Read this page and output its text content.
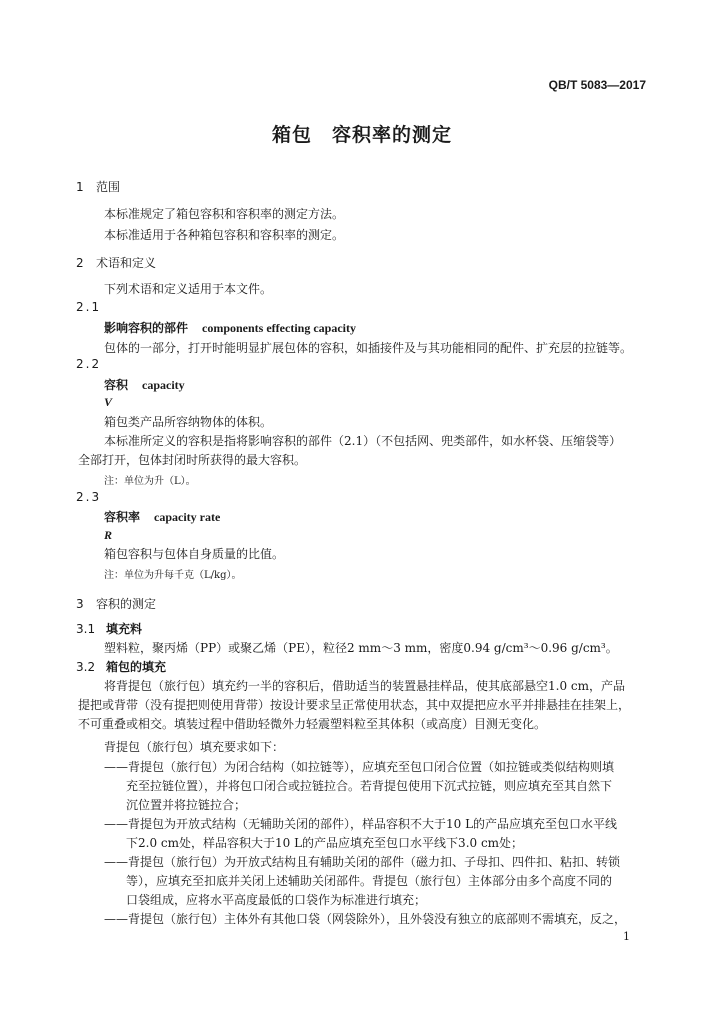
QB/T 5083—2017
箱包　容积率的测定
1 范围
本标准规定了箱包容积和容积率的测定方法。
本标准适用于各种箱包容积和容积率的测定。
2 术语和定义
下列术语和定义适用于本文件。
2.1
影响容积的部件 components effecting capacity
包体的一部分，打开时能明显扩展包体的容积，如插接件及与其功能相同的配件、扩充层的拉链等。
2.2
容积 capacity
V
箱包类产品所容纳物体的体积。
本标准所定义的容积是指将影响容积的部件（2.1）（不包括网、兜类部件，如水杯袋、压缩袋等）
全部打开，包体封闭时所获得的最大容积。
注：单位为升（L）。
2.3
容积率 capacity rate
R
箱包容积与包体自身质量的比值。
注：单位为升每千克（L/kg）。
3 容积的测定
3.1 填充料
塑料粒，聚丙烯（PP）或聚乙烯（PE），粒径2 mm～3 mm，密度0.94 g/cm³～0.96 g/cm³。
3.2 箱包的填充
将背提包（旅行包）填充约一半的容积后，借助适当的装置悬挂样品，使其底部悬空1.0 cm，产品
提把或背带（没有提把则使用背带）按设计要求呈正常使用状态，其中双提把应水平并排悬挂在挂架上，
不可重叠或相交。填装过程中借助轻微外力轻震塑料粒至其体积（或高度）目测无变化。
背提包（旅行包）填充要求如下：
——背提包（旅行包）为闭合结构（如拉链等），应填充至包口闭合位置（如拉链或类似结构则填
充至拉链位置），并将包口闭合或拉链拉合。若背提包使用下沉式拉链，则应填充至其自然下
沉位置并将拉链拉合；
——背提包为开放式结构（无辅助关闭的部件），样品容积不大于10 L的产品应填充至包口水平线
下2.0 cm处，样品容积大于10 L的产品应填充至包口水平线下3.0 cm处；
——背提包（旅行包）为开放式结构且有辅助关闭的部件（磁力扣、子母扣、四件扣、粘扣、转锁
等），应填充至扣底并关闭上述辅助关闭部件。背提包（旅行包）主体部分由多个高度不同的
口袋组成，应将水平高度最低的口袋作为标准进行填充；
——背提包（旅行包）主体外有其他口袋（网袋除外），且外袋没有独立的底部则不需填充，反之，
1
